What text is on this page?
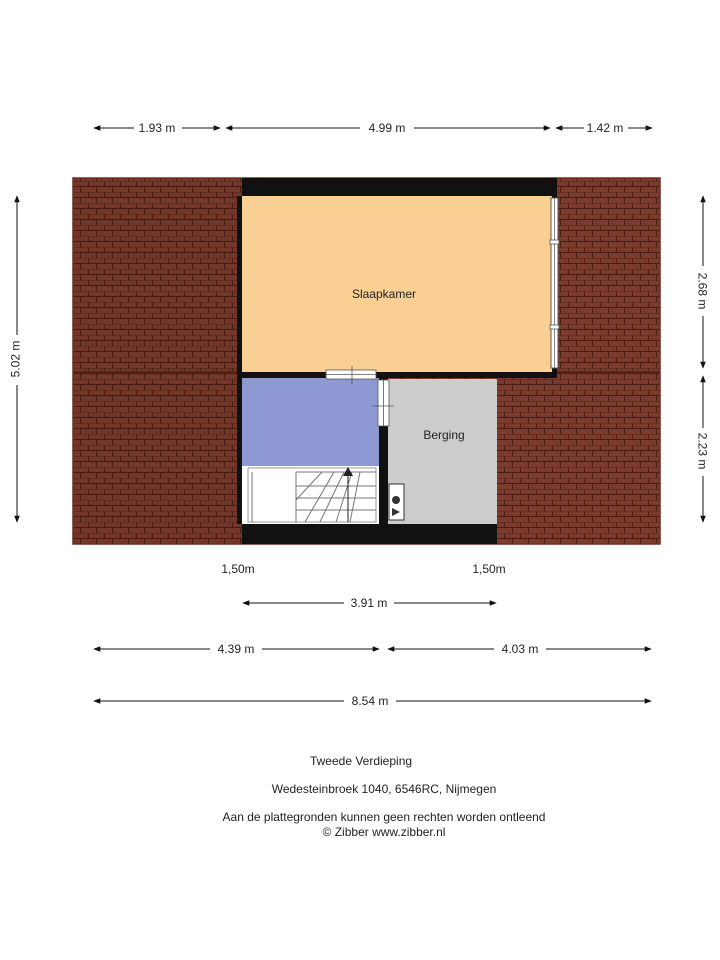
1.93 m	4.99 m	1.42 m
5.02 m
2.68 m
2.23 m
1,50m	1,50m
3.91 m
4.39 m	4.03 m
8.54 m
Slaapkamer
Berging
Tweede Verdieping
Wedesteinbroek 1040, 6546RC, Nijmegen
Aan de plattegronden kunnen geen rechten worden ontleend
© Zibber www.zibber.nl
